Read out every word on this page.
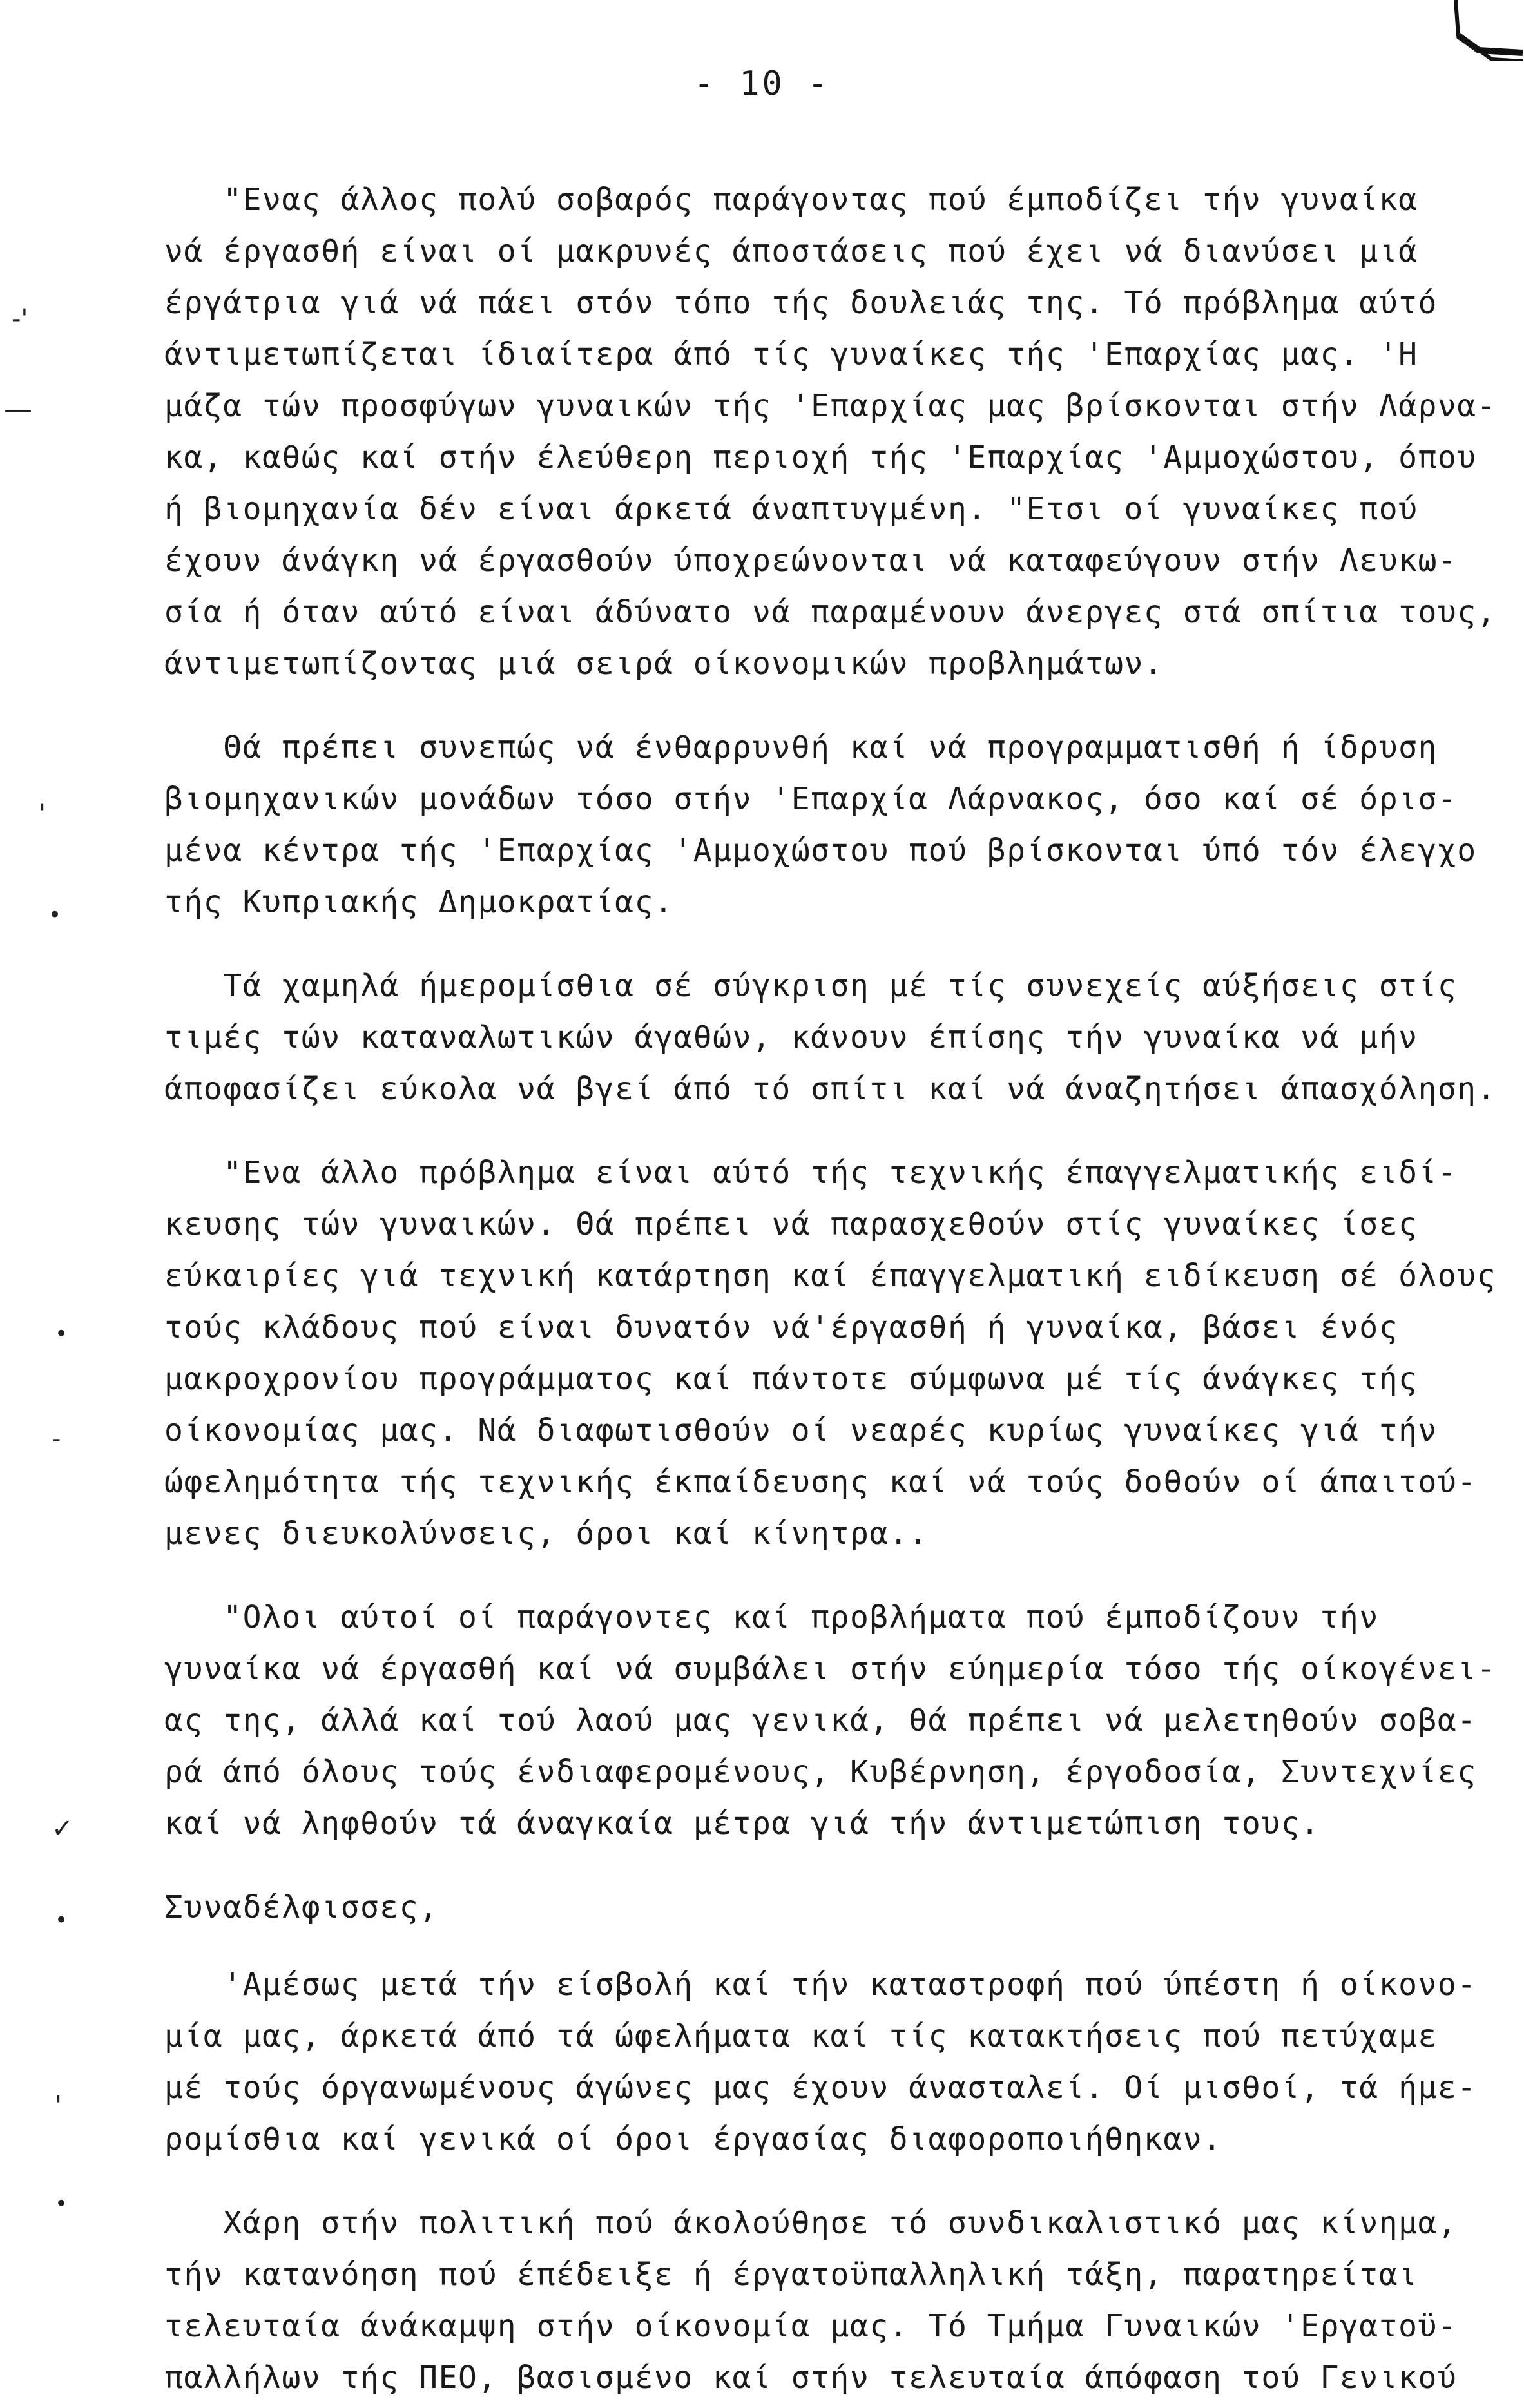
- 10 -
-'
—
'
•
•
-
✓
•
'
•

"Ενας άλλος πολύ σοβαρός παράγοντας πού έμποδίζει τήν γυναίκα
νά έργασθή είναι οί μακρυνές άποστάσεις πού έχει νά διανύσει μιά
έργάτρια γιά νά πάει στόν τόπο τής δουλειάς της. Τό πρόβλημα αύτό
άντιμετωπίζεται ίδιαίτερα άπό τίς γυναίκες τής 'Επαρχίας μας. 'Η
μάζα τών προσφύγων γυναικών τής 'Επαρχίας μας βρίσκονται στήν Λάρνα-
κα, καθώς καί στήν έλεύθερη περιοχή τής 'Επαρχίας 'Αμμοχώστου, όπου
ή βιομηχανία δέν είναι άρκετά άναπτυγμένη. "Ετσι οί γυναίκες πού
έχουν άνάγκη νά έργασθούν ύποχρεώνονται νά καταφεύγουν στήν Λευκω-
σία ή όταν αύτό είναι άδύνατο νά παραμένουν άνεργες στά σπίτια τους,
άντιμετωπίζοντας μιά σειρά οίκονομικών προβλημάτων.

Θά πρέπει συνεπώς νά ένθαρρυνθή καί νά προγραμματισθή ή ίδρυση
βιομηχανικών μονάδων τόσο στήν 'Επαρχία Λάρνακος, όσο καί σέ όρισ-
μένα κέντρα τής 'Επαρχίας 'Αμμοχώστου πού βρίσκονται ύπό τόν έλεγχο
τής Κυπριακής Δημοκρατίας.

Τά χαμηλά ήμερομίσθια σέ σύγκριση μέ τίς συνεχείς αύξήσεις στίς
τιμές τών καταναλωτικών άγαθών, κάνουν έπίσης τήν γυναίκα νά μήν
άποφασίζει εύκολα νά βγεί άπό τό σπίτι καί νά άναζητήσει άπασχόληση.

"Ενα άλλο πρόβλημα είναι αύτό τής τεχνικής έπαγγελματικής ειδί-
κευσης τών γυναικών. Θά πρέπει νά παρασχεθούν στίς γυναίκες ίσες
εύκαιρίες γιά τεχνική κατάρτηση καί έπαγγελματική ειδίκευση σέ όλους
τούς κλάδους πού είναι δυνατόν νά'έργασθή ή γυναίκα, βάσει ένός
μακροχρονίου προγράμματος καί πάντοτε σύμφωνα μέ τίς άνάγκες τής
οίκονομίας μας. Νά διαφωτισθούν οί νεαρές κυρίως γυναίκες γιά τήν
ώφελημότητα τής τεχνικής έκπαίδευσης καί νά τούς δοθούν οί άπαιτού-
μενες διευκολύνσεις, όροι καί κίνητρα..

"Ολοι αύτοί οί παράγοντες καί προβλήματα πού έμποδίζουν τήν
γυναίκα νά έργασθή καί νά συμβάλει στήν εύημερία τόσο τής οίκογένει-
ας της, άλλά καί τού λαού μας γενικά, θά πρέπει νά μελετηθούν σοβα-
ρά άπό όλους τούς ένδιαφερομένους, Κυβέρνηση, έργοδοσία, Συντεχνίες
καί νά ληφθούν τά άναγκαία μέτρα γιά τήν άντιμετώπιση τους.

Συναδέλφισσες,

'Αμέσως μετά τήν είσβολή καί τήν καταστροφή πού ύπέστη ή οίκονο-
μία μας, άρκετά άπό τά ώφελήματα καί τίς κατακτήσεις πού πετύχαμε
μέ τούς όργανωμένους άγώνες μας έχουν άνασταλεί. Οί μισθοί, τά ήμε-
ρομίσθια καί γενικά οί όροι έργασίας διαφοροποιήθηκαν.

Χάρη στήν πολιτική πού άκολούθησε τό συνδικαλιστικό μας κίνημα,
τήν κατανόηση πού έπέδειξε ή έργατοϋπαλληλική τάξη, παρατηρείται
τελευταία άνάκαμψη στήν οίκονομία μας. Τό Τμήμα Γυναικών 'Εργατοϋ-
παλλήλων τής ΠΕΟ, βασισμένο καί στήν τελευταία άπόφαση τού Γενικού
